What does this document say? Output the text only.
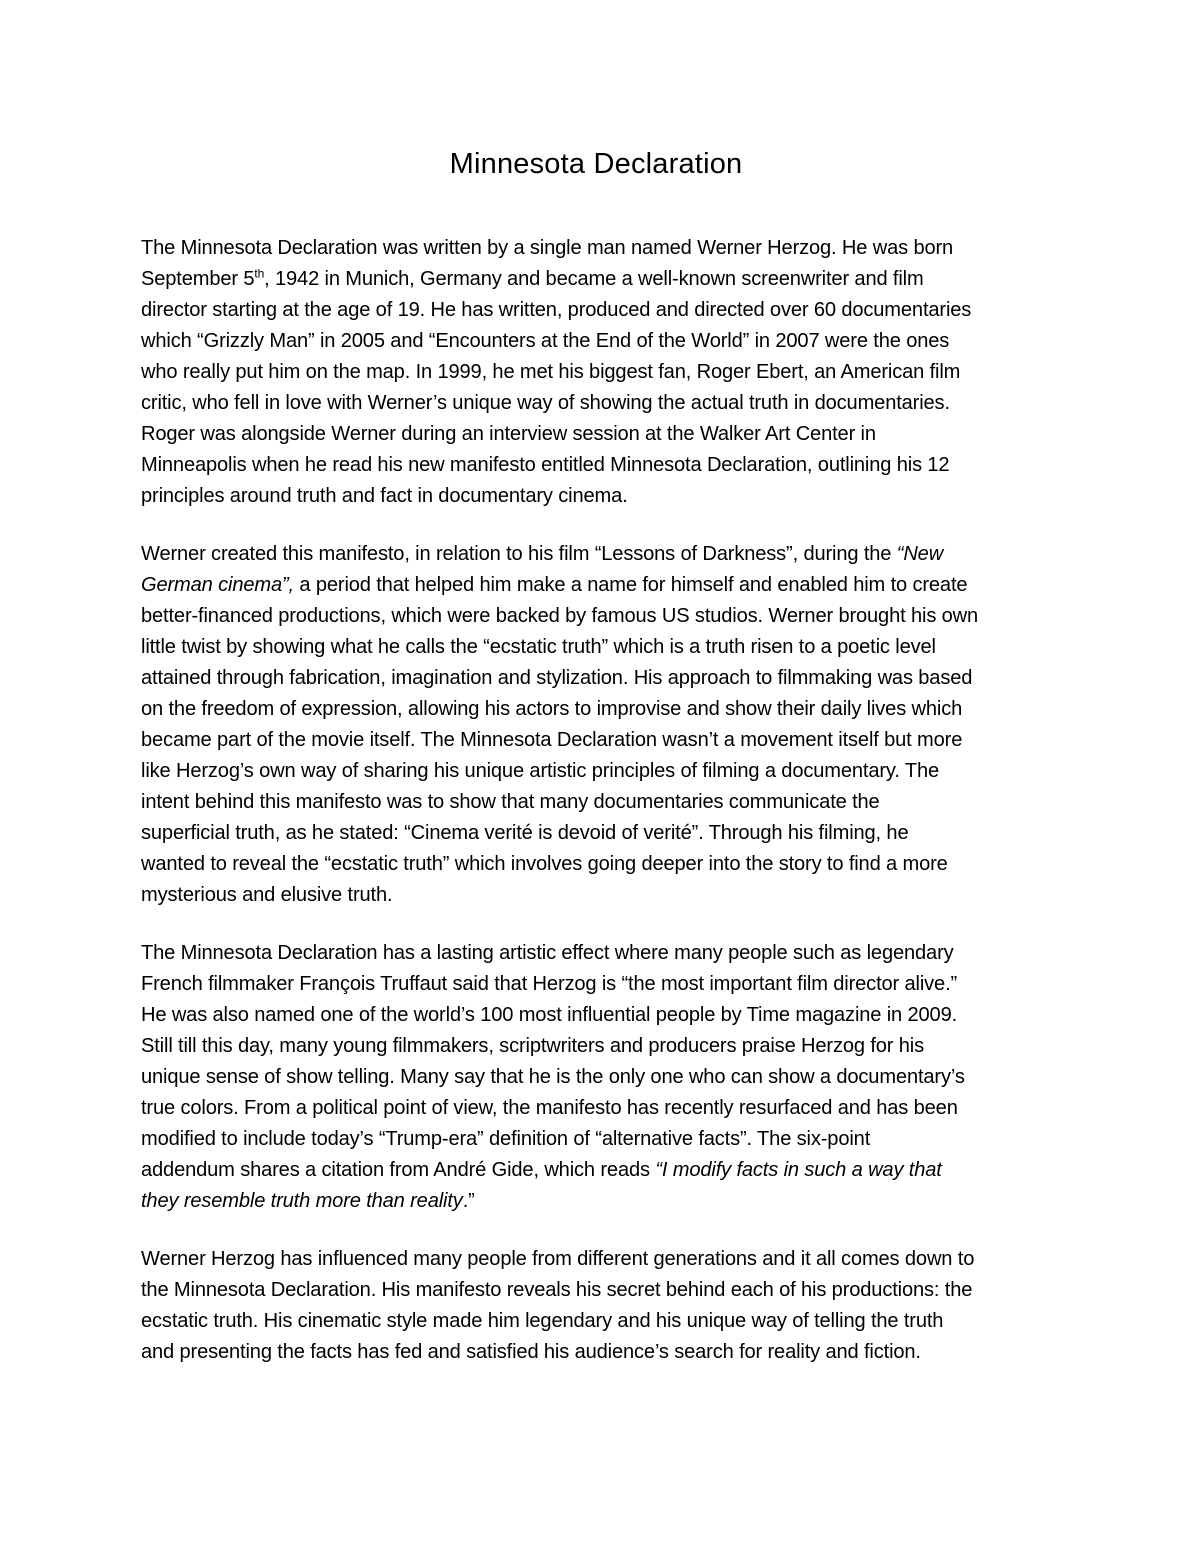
Minnesota Declaration
The Minnesota Declaration was written by a single man named Werner Herzog. He was born
September 5th, 1942 in Munich, Germany and became a well-known screenwriter and film
director starting at the age of 19. He has written, produced and directed over 60 documentaries
which “Grizzly Man” in 2005 and “Encounters at the End of the World” in 2007 were the ones
who really put him on the map. In 1999, he met his biggest fan, Roger Ebert, an American film
critic, who fell in love with Werner’s unique way of showing the actual truth in documentaries.
Roger was alongside Werner during an interview session at the Walker Art Center in
Minneapolis when he read his new manifesto entitled Minnesota Declaration, outlining his 12
principles around truth and fact in documentary cinema.
Werner created this manifesto, in relation to his film “Lessons of Darkness”, during the “New
German cinema”, a period that helped him make a name for himself and enabled him to create
better-financed productions, which were backed by famous US studios. Werner brought his own
little twist by showing what he calls the “ecstatic truth” which is a truth risen to a poetic level
attained through fabrication, imagination and stylization. His approach to filmmaking was based
on the freedom of expression, allowing his actors to improvise and show their daily lives which
became part of the movie itself. The Minnesota Declaration wasn’t a movement itself but more
like Herzog’s own way of sharing his unique artistic principles of filming a documentary. The
intent behind this manifesto was to show that many documentaries communicate the
superficial truth, as he stated: “Cinema verité is devoid of verité”. Through his filming, he
wanted to reveal the “ecstatic truth” which involves going deeper into the story to find a more
mysterious and elusive truth.
The Minnesota Declaration has a lasting artistic effect where many people such as legendary
French filmmaker François Truffaut said that Herzog is “the most important film director alive.”
He was also named one of the world’s 100 most influential people by Time magazine in 2009.
Still till this day, many young filmmakers, scriptwriters and producers praise Herzog for his
unique sense of show telling. Many say that he is the only one who can show a documentary’s
true colors. From a political point of view, the manifesto has recently resurfaced and has been
modified to include today’s “Trump-era” definition of “alternative facts”. The six-point
addendum shares a citation from André Gide, which reads “I modify facts in such a way that
they resemble truth more than reality.”
Werner Herzog has influenced many people from different generations and it all comes down to
the Minnesota Declaration. His manifesto reveals his secret behind each of his productions: the
ecstatic truth. His cinematic style made him legendary and his unique way of telling the truth
and presenting the facts has fed and satisfied his audience’s search for reality and fiction.
